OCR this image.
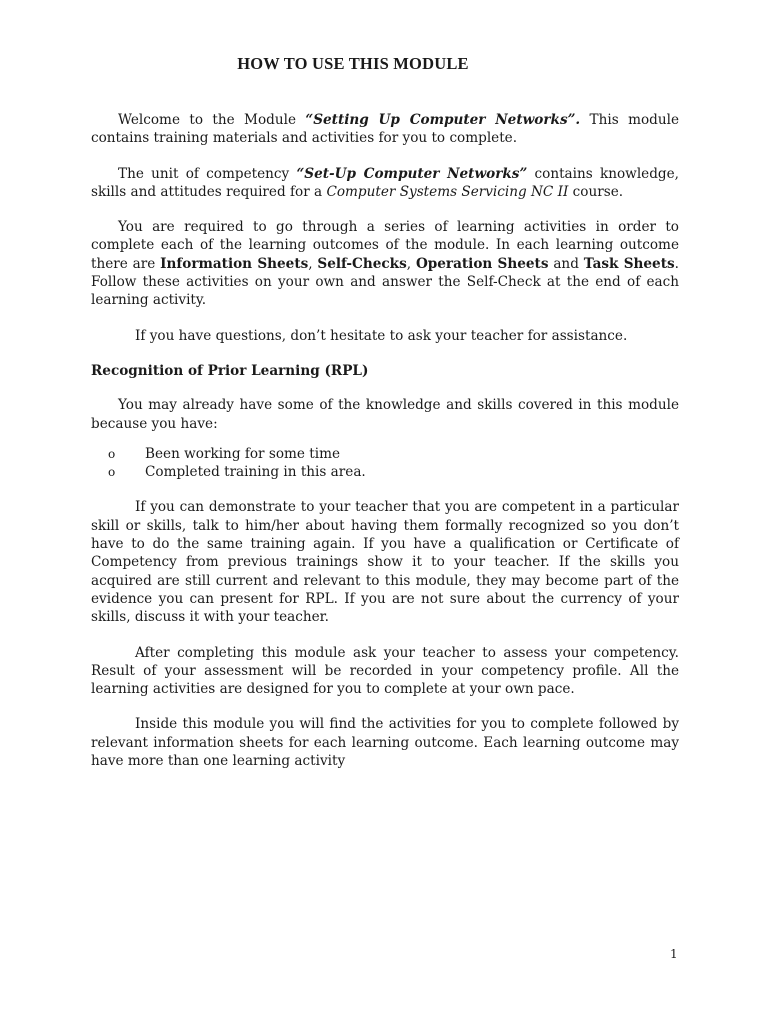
HOW TO USE THIS MODULE

Welcome to the Module “Setting Up Computer Networks”. This module contains training materials and activities for you to complete.

The unit of competency “Set-Up Computer Networks” contains knowledge, skills and attitudes required for a Computer Systems Servicing NC II course.

You are required to go through a series of learning activities in order to complete each of the learning outcomes of the module. In each learning outcome there are Information Sheets, Self-Checks, Operation Sheets and Task Sheets. Follow these activities on your own and answer the Self-Check at the end of each learning activity.

If you have questions, don’t hesitate to ask your teacher for assistance.

Recognition of Prior Learning (RPL)

You may already have some of the knowledge and skills covered in this module because you have:

o Been working for some time
o Completed training in this area.

If you can demonstrate to your teacher that you are competent in a particular skill or skills, talk to him/her about having them formally recognized so you don’t have to do the same training again. If you have a qualification or Certificate of Competency from previous trainings show it to your teacher. If the skills you acquired are still current and relevant to this module, they may become part of the evidence you can present for RPL. If you are not sure about the currency of your skills, discuss it with your teacher.

After completing this module ask your teacher to assess your competency. Result of your assessment will be recorded in your competency profile. All the learning activities are designed for you to complete at your own pace.

Inside this module you will find the activities for you to complete followed by relevant information sheets for each learning outcome. Each learning outcome may have more than one learning activity

1
